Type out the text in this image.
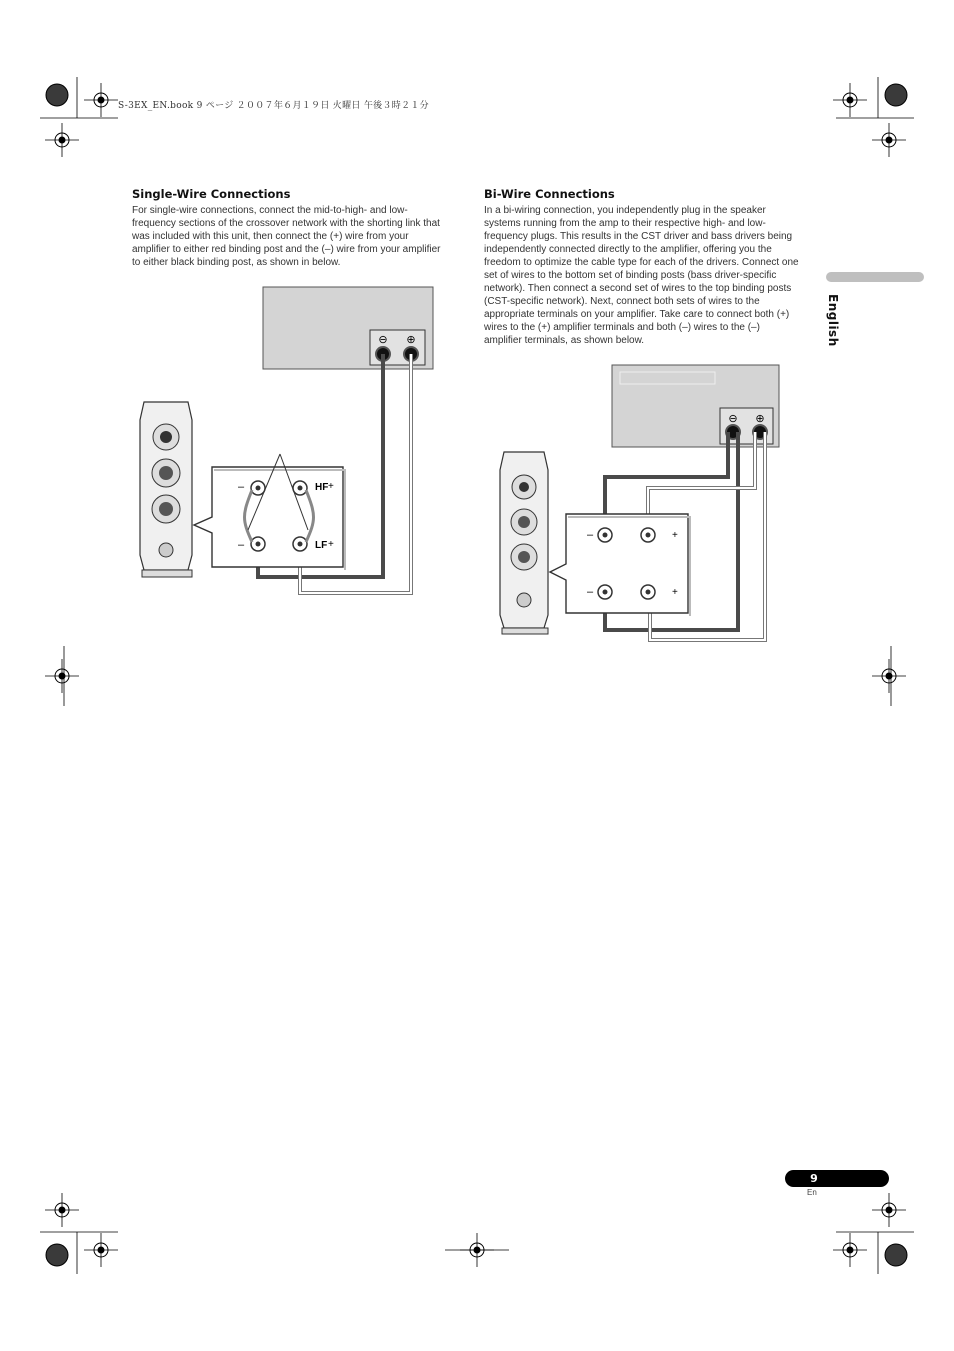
S-3EX_EN.book 9 ページ ２００７年６月１９日 火曜日 午後３時２１分
Single-Wire Connections
For single-wire connections, connect the mid-to-high- and low-frequency sections of the crossover network with the shorting link that was included with this unit, then connect the (+) wire from your amplifier to either red binding post and the (–) wire from your amplifier to either black binding post, as shown in below.
Bi-Wire Connections
In a bi-wiring connection, you independently plug in the speaker systems running from the amp to their respective high- and low-frequency plugs. This results in the CST driver and bass drivers being independently connected directly to the amplifier, offering you the freedom to optimize the cable type for each of the drivers. Connect one set of wires to the bottom set of binding posts (bass driver-specific network). Then connect a second set of wires to the top binding posts (CST-specific network). Next, connect both sets of wires to the appropriate terminals on your amplifier. Take care to connect both (+) wires to the (+) amplifier terminals and both (–) wires to the (–) amplifier terminals, as shown below.	English
⊖ ⊕
–
–
HF
LF
+
+
⊖ ⊕
–
–
+
+
9
En
